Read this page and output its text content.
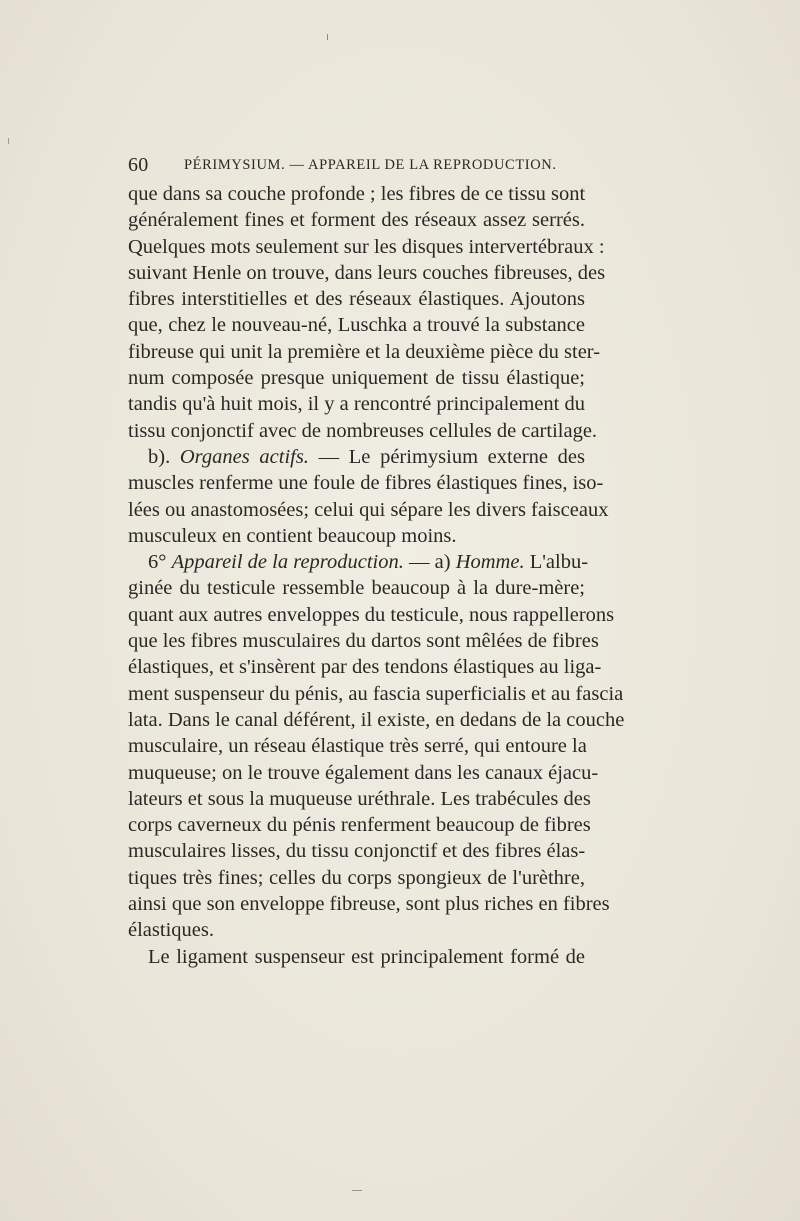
60 PÉRIMYSIUM. — APPAREIL DE LA REPRODUCTION.
que dans sa couche profonde ; les fibres de ce tissu sont
généralement fines et forment des réseaux assez serrés.
Quelques mots seulement sur les disques intervertébraux :
suivant Henle on trouve, dans leurs couches fibreuses, des
fibres interstitielles et des réseaux élastiques. Ajoutons
que, chez le nouveau-né, Luschka a trouvé la substance
fibreuse qui unit la première et la deuxième pièce du ster-
num composée presque uniquement de tissu élastique;
tandis qu'à huit mois, il y a rencontré principalement du
tissu conjonctif avec de nombreuses cellules de cartilage.
b). Organes actifs. — Le périmysium externe des
muscles renferme une foule de fibres élastiques fines, iso-
lées ou anastomosées; celui qui sépare les divers faisceaux
musculeux en contient beaucoup moins.
6° Appareil de la reproduction. — a) Homme. L'albu-
ginée du testicule ressemble beaucoup à la dure-mère;
quant aux autres enveloppes du testicule, nous rappellerons
que les fibres musculaires du dartos sont mêlées de fibres
élastiques, et s'insèrent par des tendons élastiques au liga-
ment suspenseur du pénis, au fascia superficialis et au fascia
lata. Dans le canal déférent, il existe, en dedans de la couche
musculaire, un réseau élastique très serré, qui entoure la
muqueuse; on le trouve également dans les canaux éjacu-
lateurs et sous la muqueuse uréthrale. Les trabécules des
corps caverneux du pénis renferment beaucoup de fibres
musculaires lisses, du tissu conjonctif et des fibres élas-
tiques très fines; celles du corps spongieux de l'urèthre,
ainsi que son enveloppe fibreuse, sont plus riches en fibres
élastiques.
Le ligament suspenseur est principalement formé de
